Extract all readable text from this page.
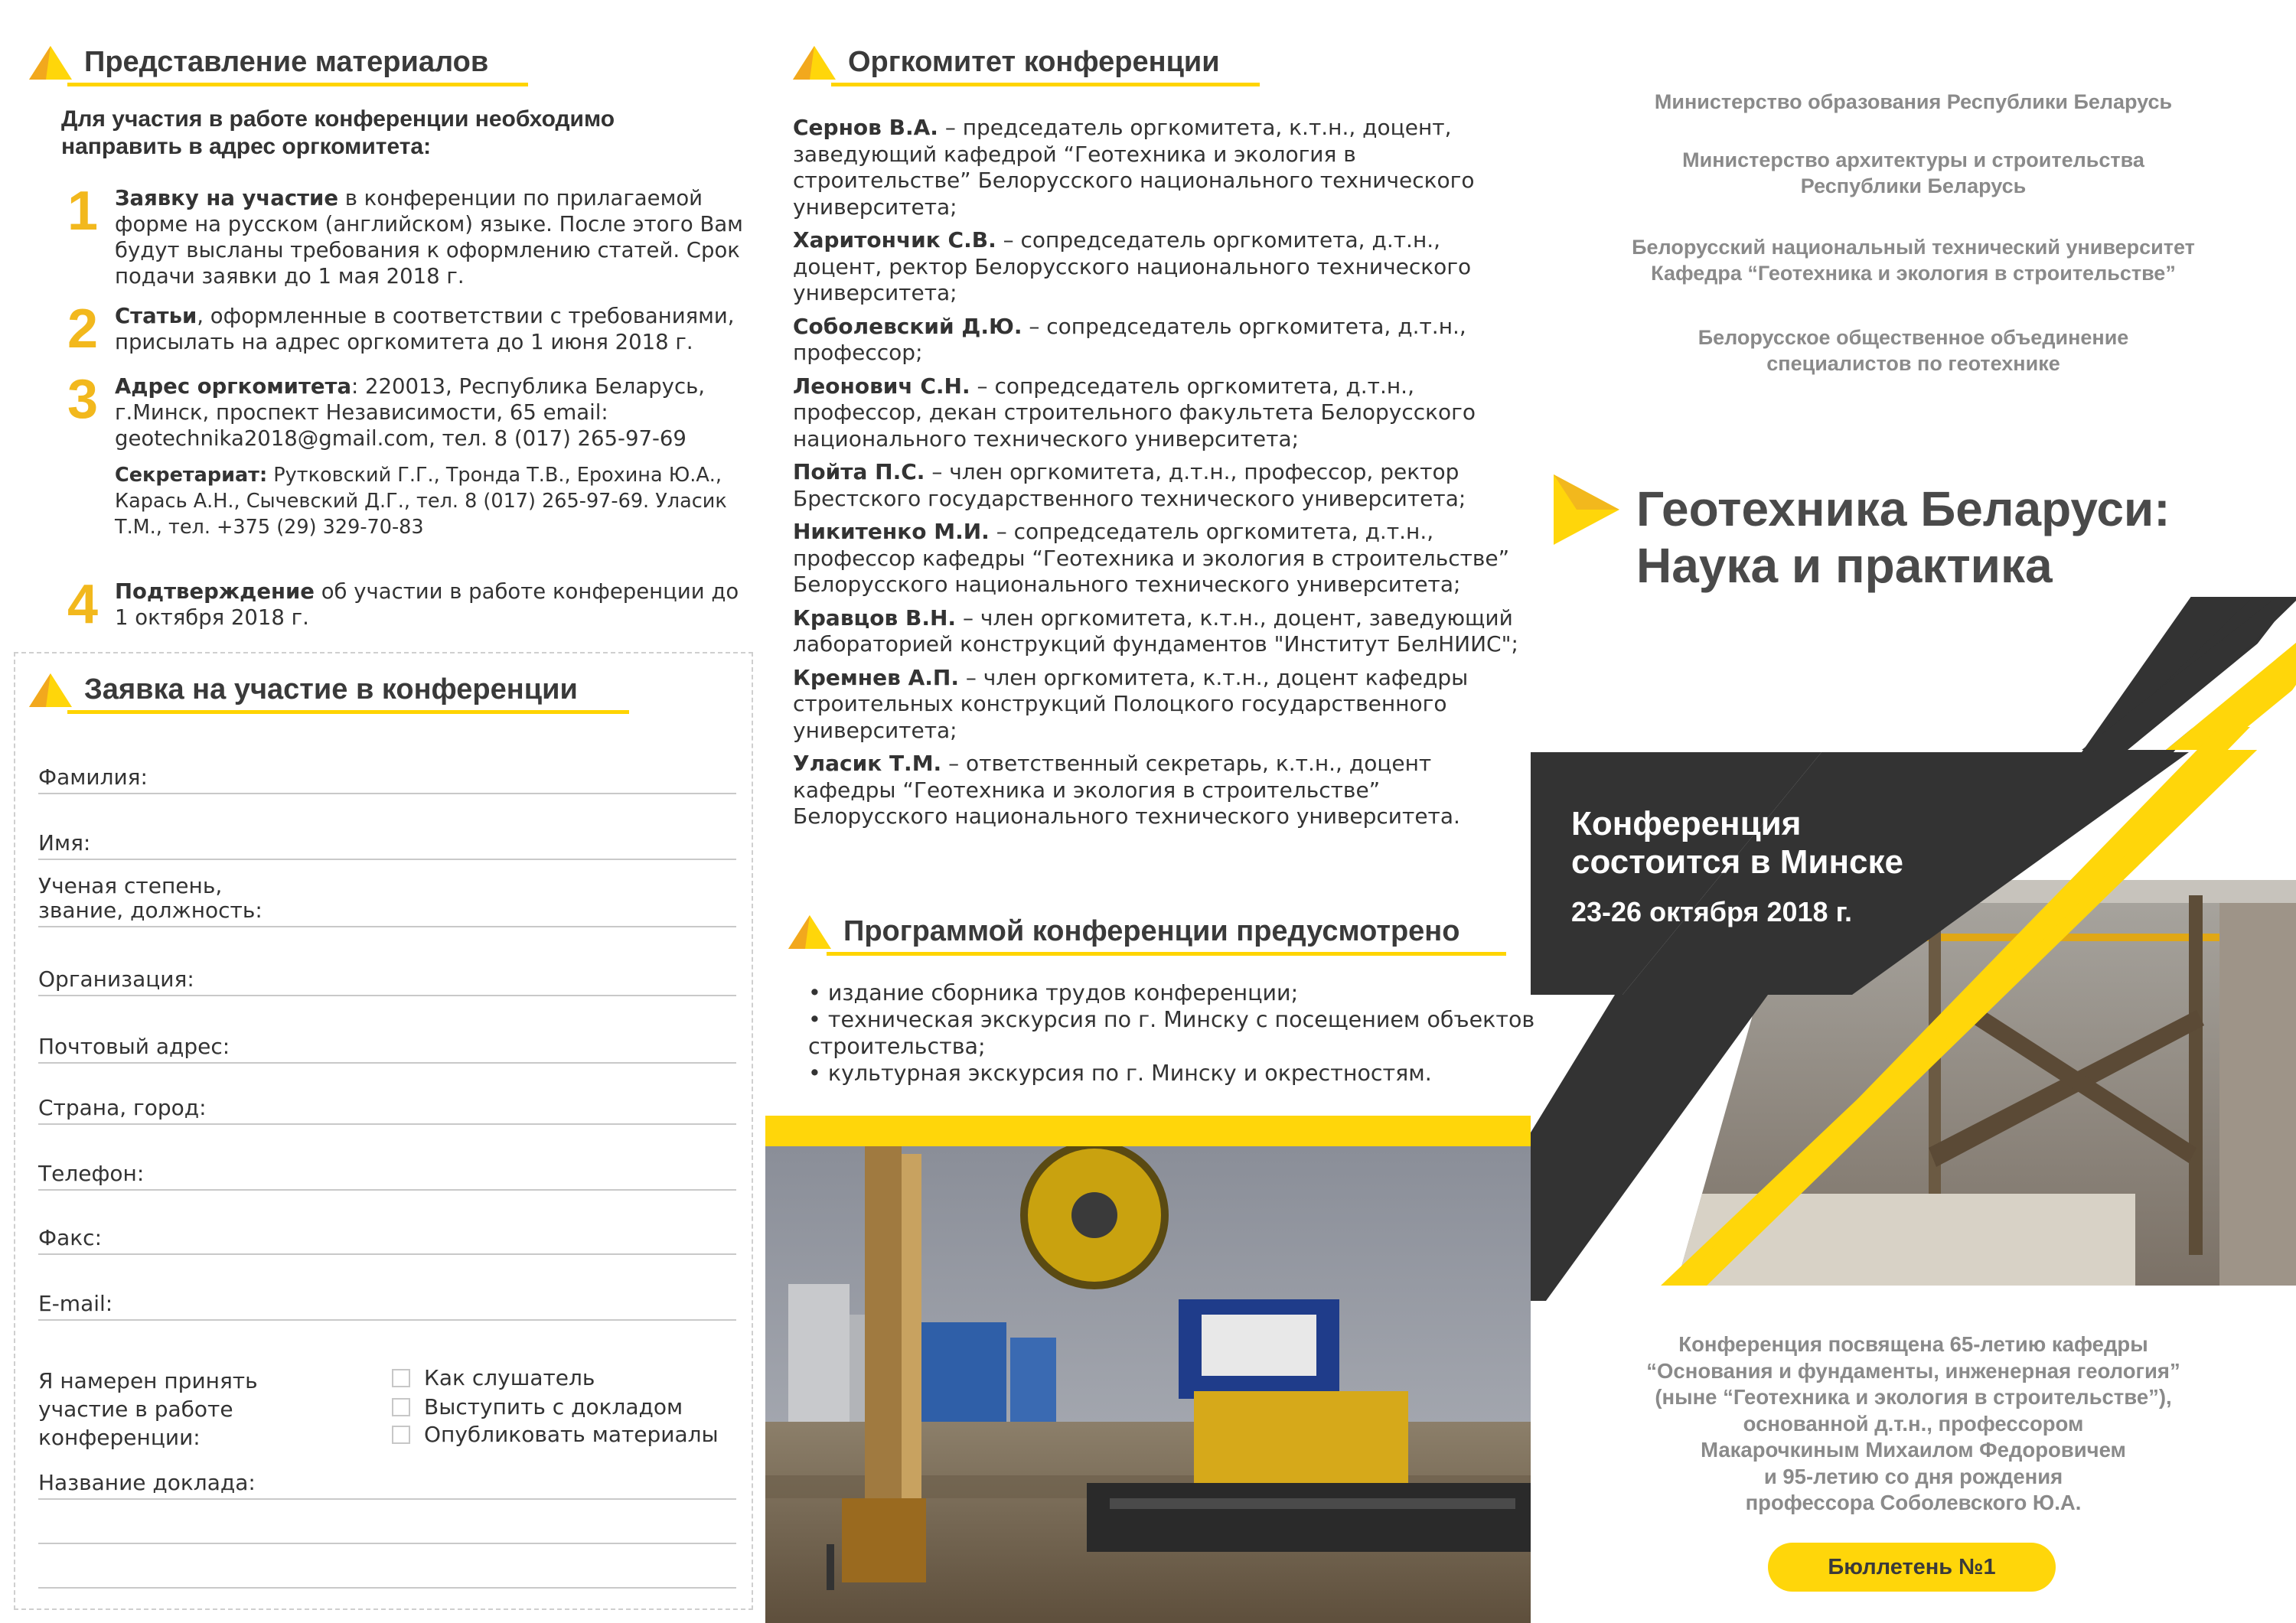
Представление материалов
Для участия в работе конференции необходимо направить в адрес оргкомитета:
1 Заявку на участие в конференции по прилагаемой форме на русском (английском) языке. После этого Вам будут высланы требования к оформлению статей. Срок подачи заявки до 1 мая 2018 г.
2 Статьи, оформленные в соответствии с требованиями, присылать на адрес оргкомитета до 1 июня 2018 г.
3 Адрес оргкомитета: 220013, Республика Беларусь, г.Минск, проспект Независимости, 65 email: geotechnika2018@gmail.com, тел. 8 (017) 265-97-69
Секретариат: Рутковский Г.Г., Тронда Т.В., Ерохина Ю.А., Карась А.Н., Сычевский Д.Г., тел. 8 (017) 265-97-69. Уласик Т.М., тел. +375 (29) 329-70-83
4 Подтверждение об участии в работе конференции до 1 октября 2018 г.
Заявка на участие в конференции
Фамилия:
Имя:
Ученая степень,
звание, должность:
Организация:
Почтовый адрес:
Страна, город:
Телефон:
Факс:
E-mail:
Я намерен принять
участие в работе
конференции:
Как слушатель
Выступить с докладом
Опубликовать материалы
Название доклада:
Оргкомитет конференции

Сернов В.А. – председатель оргкомитета, к.т.н., доцент, заведующий кафедрой “Геотехника и экология в строительстве” Белорусского национального технического университета;

Харитончик С.В. – сопредседатель оргкомитета, д.т.н., доцент, ректор Белорусского национального технического университета;

Соболевский Д.Ю. – сопредседатель оргкомитета, д.т.н., профессор;

Леонович С.Н. – сопредседатель оргкомитета, д.т.н., профессор, декан строительного факультета Белорусского национального технического университета;

Пойта П.С. – член оргкомитета, д.т.н., профессор, ректор Брестского государственного технического университета;

Никитенко М.И. – сопредседатель оргкомитета, д.т.н., профессор кафедры “Геотехника и экология в строительстве” Белорусского национального технического университета;

Кравцов В.Н. – член оргкомитета, к.т.н., доцент, заведующий лабораторией конструкций фундаментов "Институт БелНИИС";

Кремнев А.П. – член оргкомитета, к.т.н., доцент кафедры строительных конструкций Полоцкого государственного университета;

Уласик Т.М. – ответственный секретарь, к.т.н., доцент кафедры “Геотехника и экология в строительстве” Белорусского национального технического университета.

Программой конференции предусмотрено
• издание сборника трудов конференции;
• техническая экскурсия по г. Минску с посещением объектов строительства;
• культурная экскурсия по г. Минску и окрестностям.
Министерство образования Республики Беларусь
Министерство архитектуры и строительства
Республики Беларусь
Белорусский национальный технический университет
Кафедра “Геотехника и экология в строительстве”
Белорусское общественное объединение
специалистов по геотехнике
Геотехника Беларуси:
Наука и практика
Конференция
состоится в Минске
23-26 октября 2018 г.
Конференция посвящена 65-летию кафедры
“Основания и фундаменты, инженерная геология”
(ныне “Геотехника и экология в строительстве”),
основанной д.т.н., профессором
Макарочкиным Михаилом Федоровичем
и 95-летию со дня рождения
профессора Соболевского Ю.А.
Бюллетень №1
